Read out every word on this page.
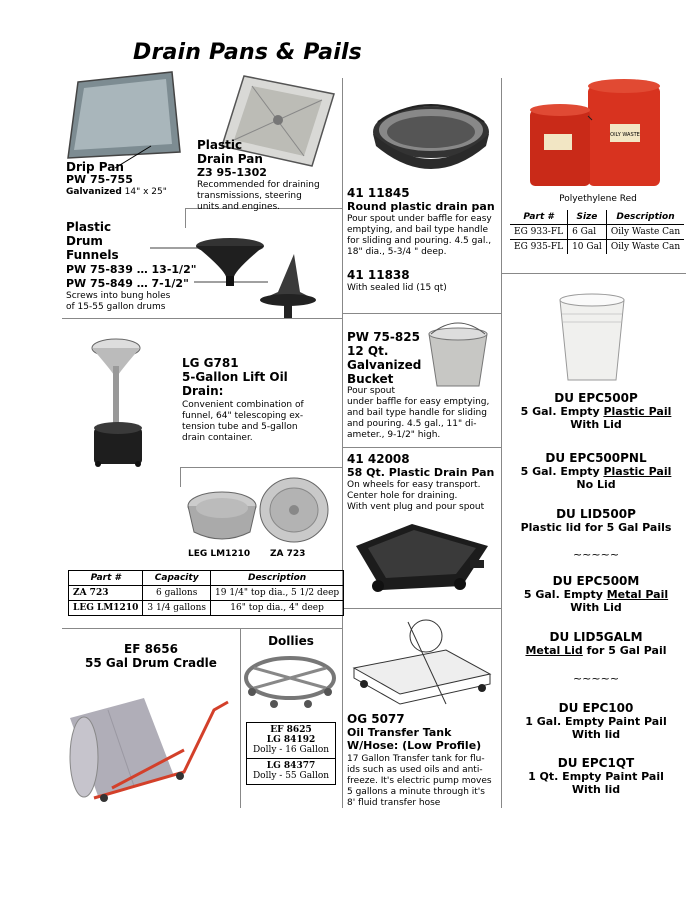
Drain Pans & Pails
Drip Pan
PW 75-755
Galvanized 14" x 25"
Plastic
Drain Pan
Z3 95-1302
Recommended for draining
transmissions, steering
units and engines.
Plastic
Drum
Funnels
PW 75-839 … 13-1/2"
PW 75-849 … 7-1/2"
Screws into bung holes
of 15-55 gallon drums
41 11845
Round plastic drain pan
Pour spout under baffle for easy
emptying, and bail type handle
for sliding and pouring. 4.5 gal.,
18" dia., 5-3/4 " deep.
41 11838
With sealed lid (15 qt)
OILY WASTE
Polyethylene Red
Part #	Size	Description
EG 933-FL	6 Gal	Oily Waste Can
EG 935-FL	10 Gal	Oily Waste Can
PW 75-825
12 Qt.
Galvanized
Bucket
Pour spout
under baffle for easy emptying,
and bail type handle for sliding
and pouring. 4.5 gal., 11" di-
ameter., 9-1/2" high.
LG G781
5-Gallon Lift Oil
Drain:
Convenient combination of
funnel, 64" telescoping ex-
tension tube and 5-gallon
drain container.
LEG LM1210 ZA 723
Part #	Capacity	Description
ZA 723	6 gallons	19 1/4" top dia., 5 1/2 deep
LEG LM1210	3 1/4 gallons	16" top dia., 4" deep
41 42008
58 Qt. Plastic Drain Pan
On wheels for easy transport.
Center hole for draining.
With vent plug and pour spout
EF 8656
55 Gal Drum Cradle
Dollies
EF 8625
LG 84192
Dolly - 16 Gallon
LG 84377
Dolly - 55 Gallon
OG 5077
Oil Transfer Tank
W/Hose: (Low Profile)
17 Gallon Transfer tank for flu-
ids such as used oils and anti-
freeze. It's electric pump moves
5 gallons a minute through it's
8' fluid transfer hose
DU EPC500P
5 Gal. Empty Plastic Pail
With Lid
DU EPC500PNL
5 Gal. Empty Plastic Pail
No Lid
DU LID500P
Plastic lid for 5 Gal Pails
~~~~~
DU EPC500M
5 Gal. Empty Metal Pail
With Lid
DU LID5GALM
Metal Lid for 5 Gal Pail
~~~~~
DU EPC100
1 Gal. Empty Paint Pail
With lid
DU EPC1QT
1 Qt. Empty Paint Pail
With lid
